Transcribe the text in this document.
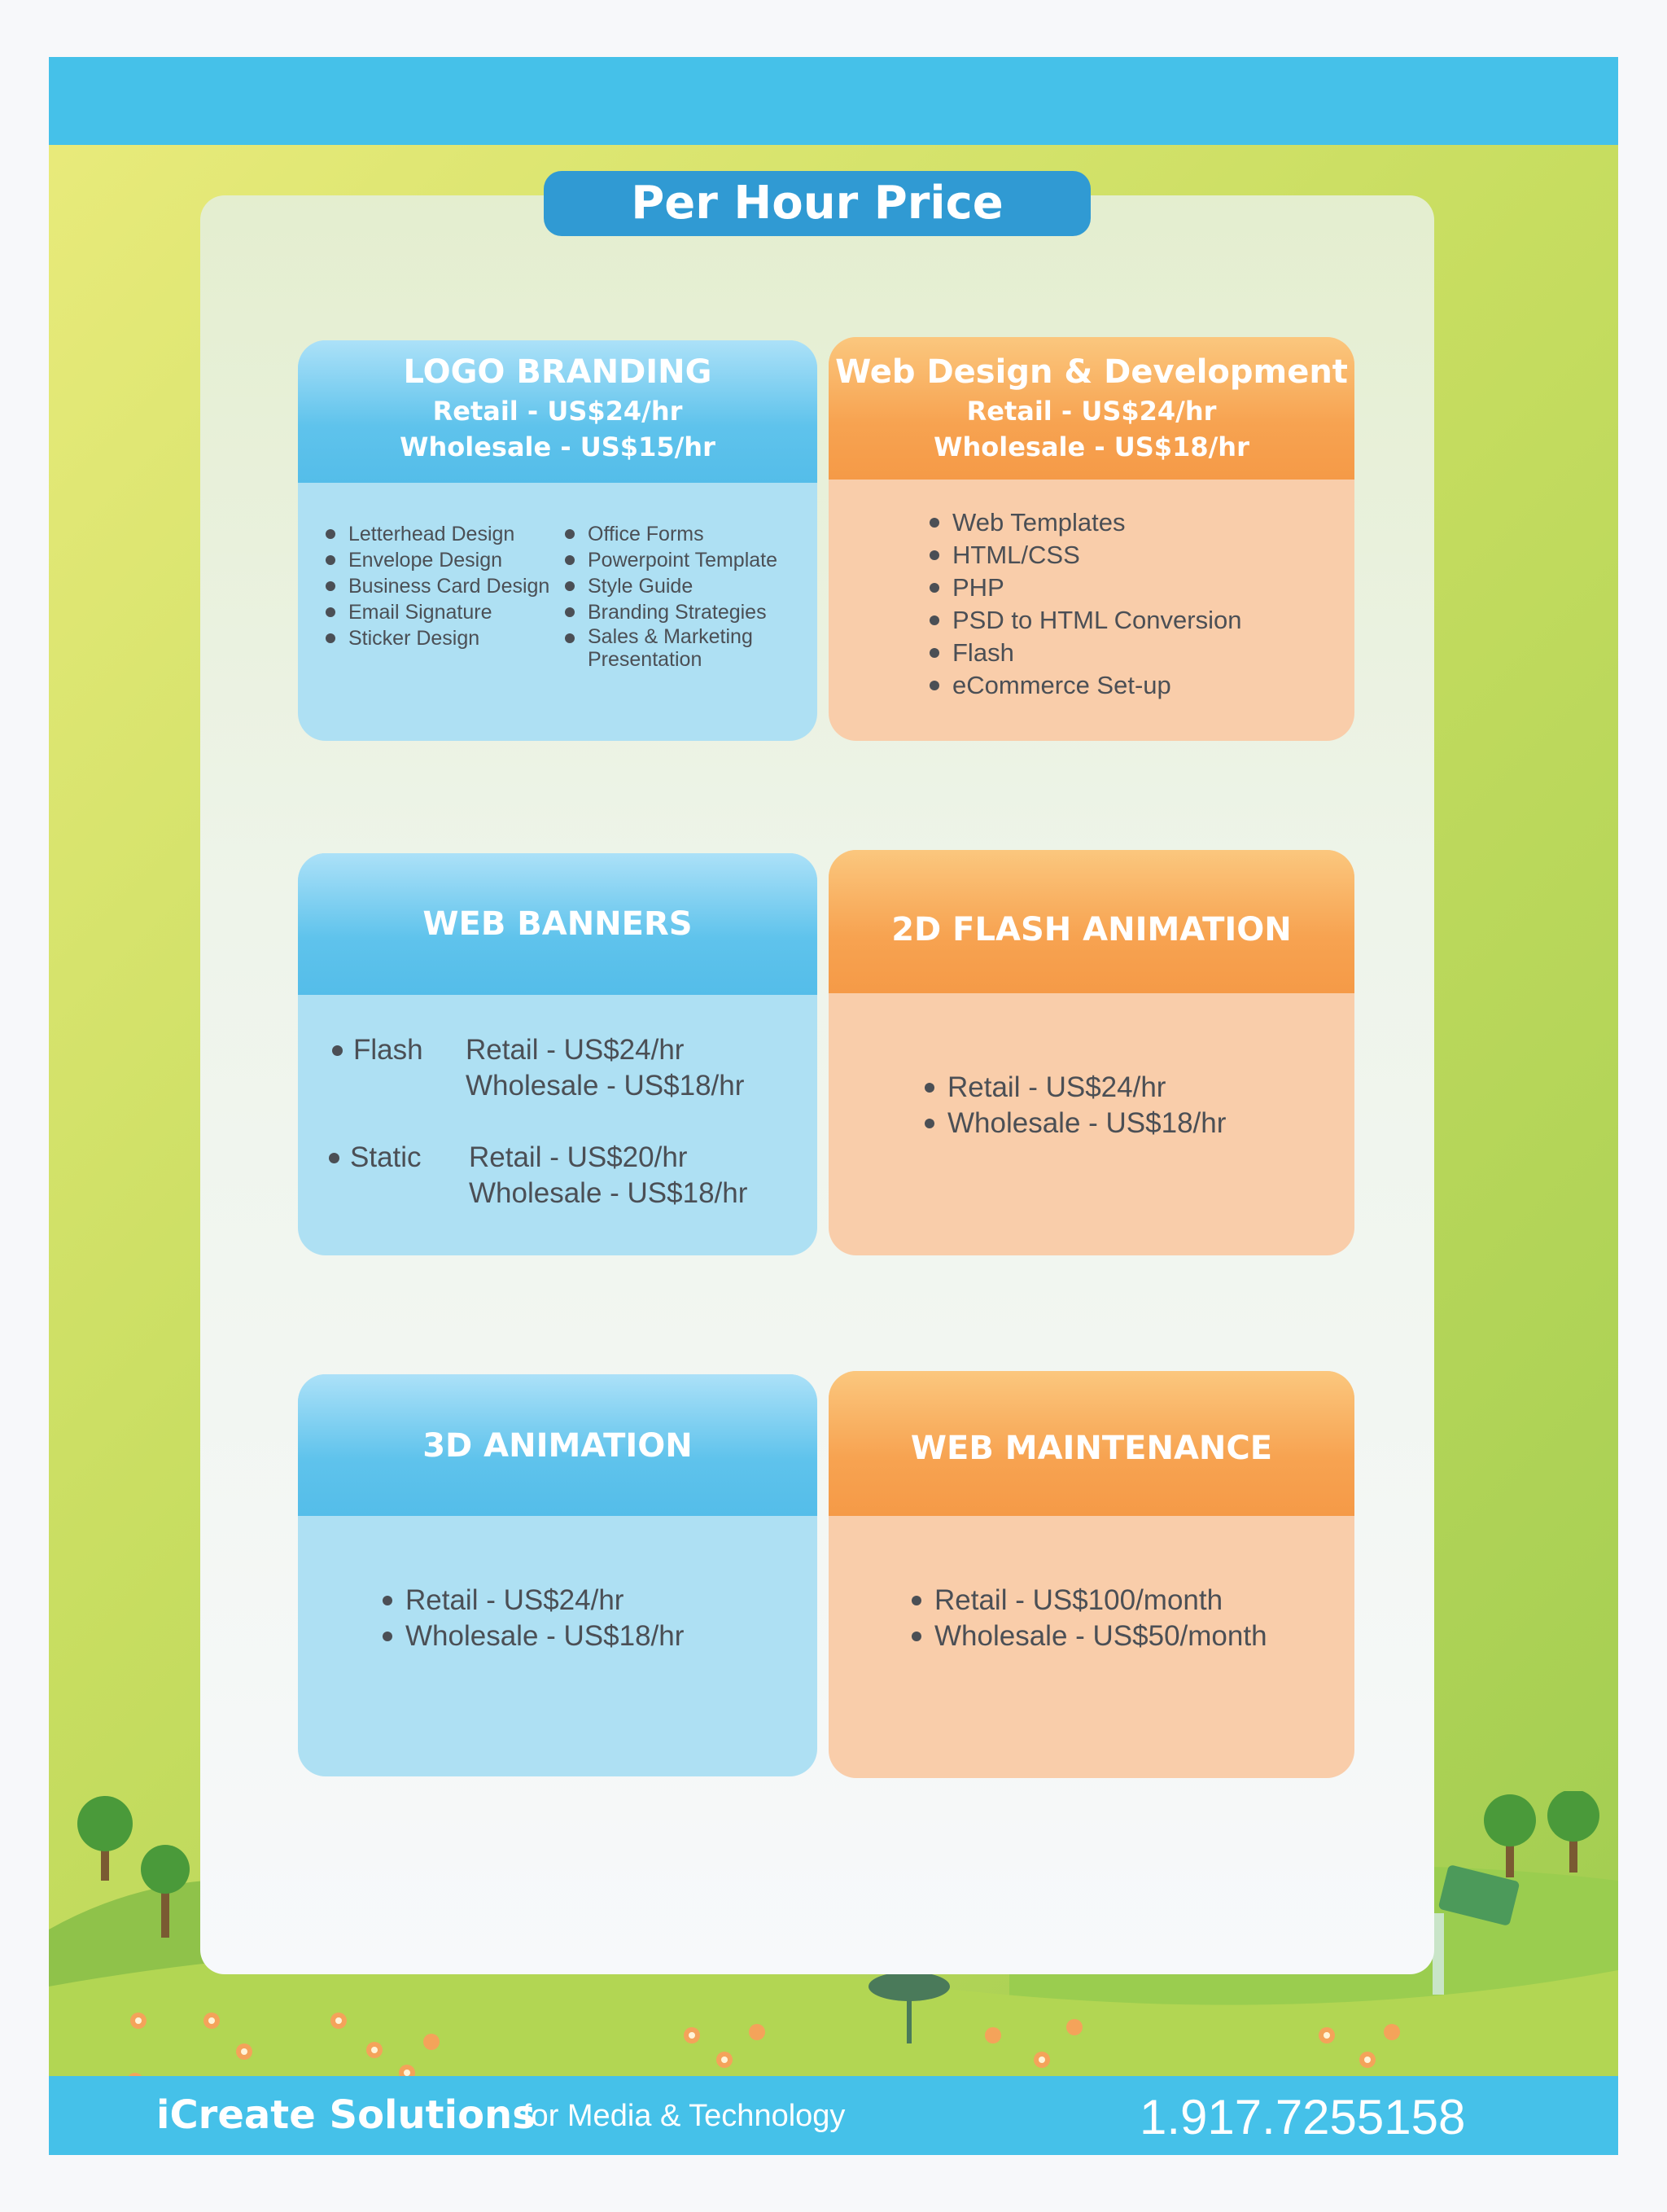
Per Hour Price
LOGO BRANDING
Retail - US$24/hr
Wholesale - US$15/hr
Letterhead Design
Envelope Design
Business Card Design
Email Signature
Sticker Design
Office Forms
Powerpoint Template
Style Guide
Branding Strategies
Sales & Marketing Presentation
Web Design & Development
Retail - US$24/hr
Wholesale - US$18/hr
Web Templates
HTML/CSS
PHP
PSD to HTML Conversion
Flash
eCommerce Set-up
WEB BANNERS
Flash Retail - US$24/hr
Wholesale - US$18/hr
Static Retail - US$20/hr
Wholesale - US$18/hr
2D FLASH ANIMATION
Retail - US$24/hr
Wholesale - US$18/hr
3D ANIMATION
Retail - US$24/hr
Wholesale - US$18/hr
WEB MAINTENANCE
Retail - US$100/month
Wholesale - US$50/month
iCreate Solutions
for Media & Technology	1.917.7255158
